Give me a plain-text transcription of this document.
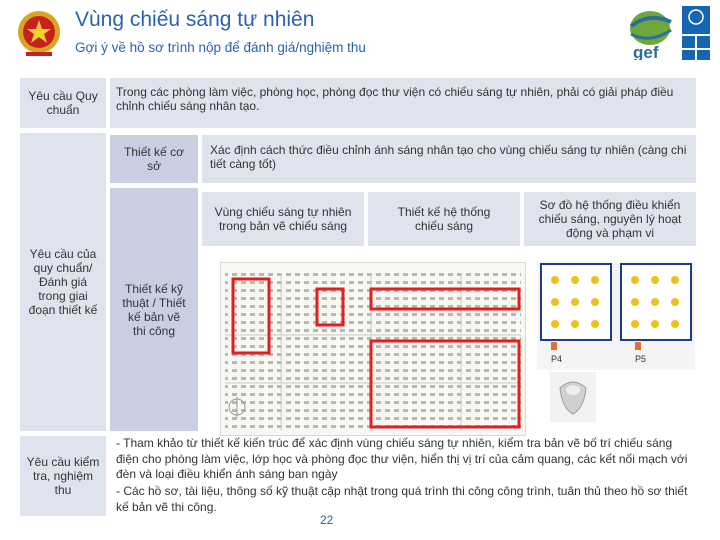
Vùng chiếu sáng tự nhiên
Gợi ý về hồ sơ trình nộp để đánh giá/nghiệm thu	gef
Yêu cầu Quy chuẩn
Trong các phòng làm việc, phòng học, phòng đọc thư viện có chiếu sáng tự nhiên, phải có giải pháp điều chỉnh chiếu sáng nhân tạo.
Yêu cầu của quy chuẩn/ Đánh giá trong giai đoạn thiết kế
Thiết kế cơ sở
Xác định cách thức điều chỉnh ánh sáng nhân tạo cho vùng chiếu sáng tự nhiên (càng chi tiết càng tốt)
Thiết kế kỹ thuật / Thiết kế bản vẽ thi công
Vùng chiếu sáng tự nhiên trong bản vẽ chiếu sáng
Thiết kế hệ thống chiếu sáng
Sơ đồ hệ thống điều khiển chiếu sáng, nguyên lý hoạt động và phạm vi
P4	P5
Yêu cầu kiểm tra, nghiệm thu
- Tham khảo từ thiết kế kiến trúc để xác định vùng chiếu sáng tự nhiên, kiểm tra bản vẽ bố trí chiếu sáng điện cho phòng làm việc, lớp học và phòng đọc thư viện, hiển thị vị trí của cảm quang, các kết nối mạch với đèn và loại điều khiển ánh sáng ban ngày
- Các hồ sơ, tài liệu, thông số kỹ thuật cập nhật trong quá trình thi công công trình, tuân thủ theo hồ sơ thiết kế bản vẽ thi công.
22
